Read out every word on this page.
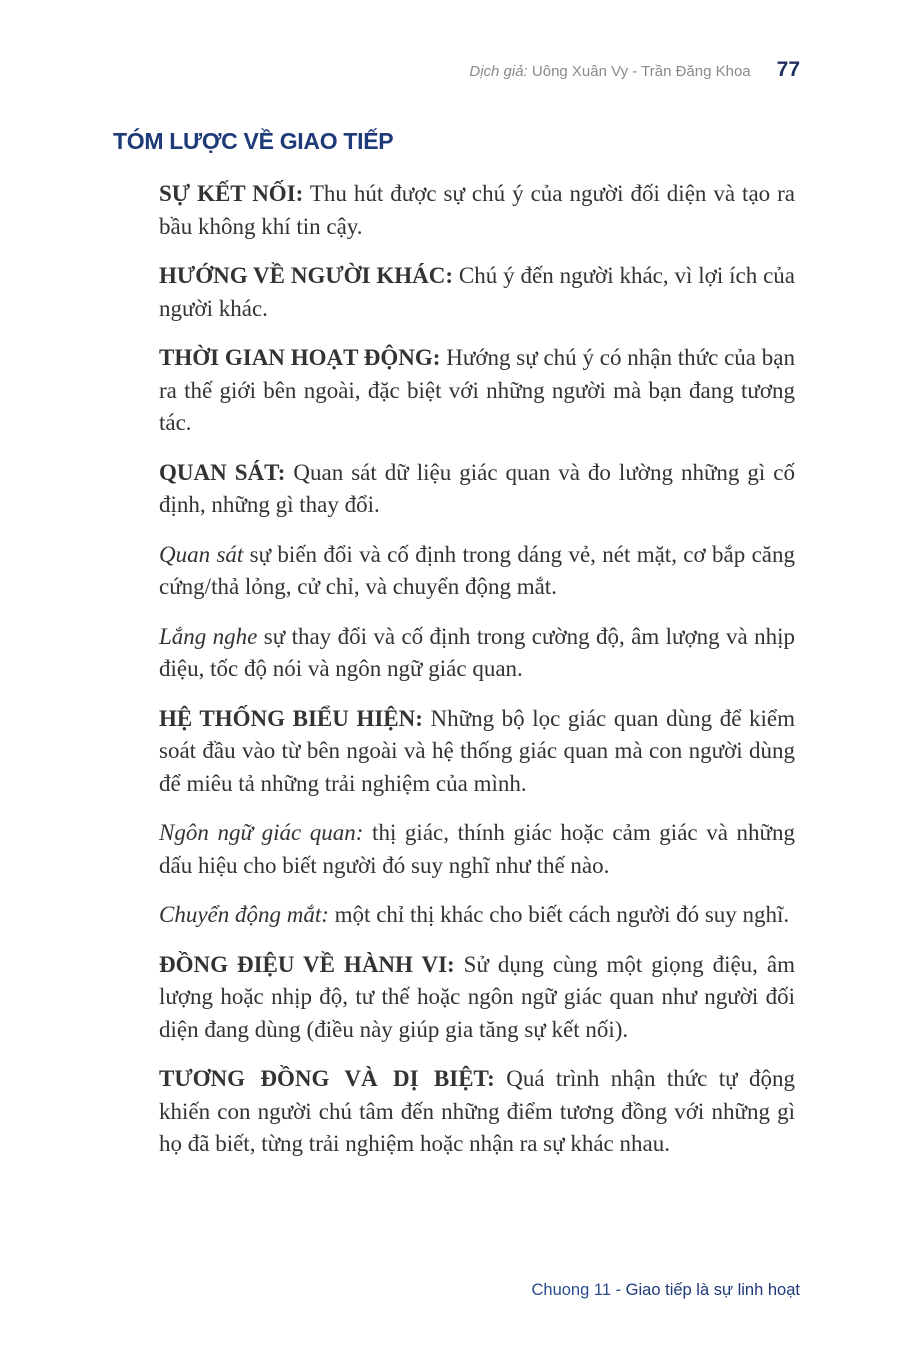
Dịch giả:
Uông Xuân Vy - Trần Đăng Khoa 77
TÓM LƯỢC VỀ GIAO TIẾP

SỰ KẾT NỐI: Thu hút được sự chú ý của người đối diện và tạo ra bầu không khí tin cậy.

HƯỚNG VỀ NGƯỜI KHÁC: Chú ý đến người khác, vì lợi ích của người khác.

THỜI GIAN HOẠT ĐỘNG: Hướng sự chú ý có nhận thức của bạn ra thế giới bên ngoài, đặc biệt với những người mà bạn đang tương tác.

QUAN SÁT: Quan sát dữ liệu giác quan và đo lường những gì cố định, những gì thay đổi.

Quan sát sự biến đổi và cố định trong dáng vẻ, nét mặt, cơ bắp căng cứng/thả lỏng, cử chỉ, và chuyển động mắt.

Lắng nghe sự thay đổi và cố định trong cường độ, âm lượng và nhịp điệu, tốc độ nói và ngôn ngữ giác quan.

HỆ THỐNG BIỂU HIỆN: Những bộ lọc giác quan dùng để kiểm soát đầu vào từ bên ngoài và hệ thống giác quan mà con người dùng để miêu tả những trải nghiệm của mình.

Ngôn ngữ giác quan: thị giác, thính giác hoặc cảm giác và những dấu hiệu cho biết người đó suy nghĩ như thế nào.

Chuyển động mắt: một chỉ thị khác cho biết cách người đó suy nghĩ.

ĐỒNG ĐIỆU VỀ HÀNH VI: Sử dụng cùng một giọng điệu, âm lượng hoặc nhịp độ, tư thế hoặc ngôn ngữ giác quan như người đối diện đang dùng (điều này giúp gia tăng sự kết nối).

TƯƠNG ĐỒNG VÀ DỊ BIỆT: Quá trình nhận thức tự động khiến con người chú tâm đến những điểm tương đồng với những gì họ đã biết, từng trải nghiệm hoặc nhận ra sự khác nhau.

Chuong 11 - Giao tiếp là sự linh hoạt
